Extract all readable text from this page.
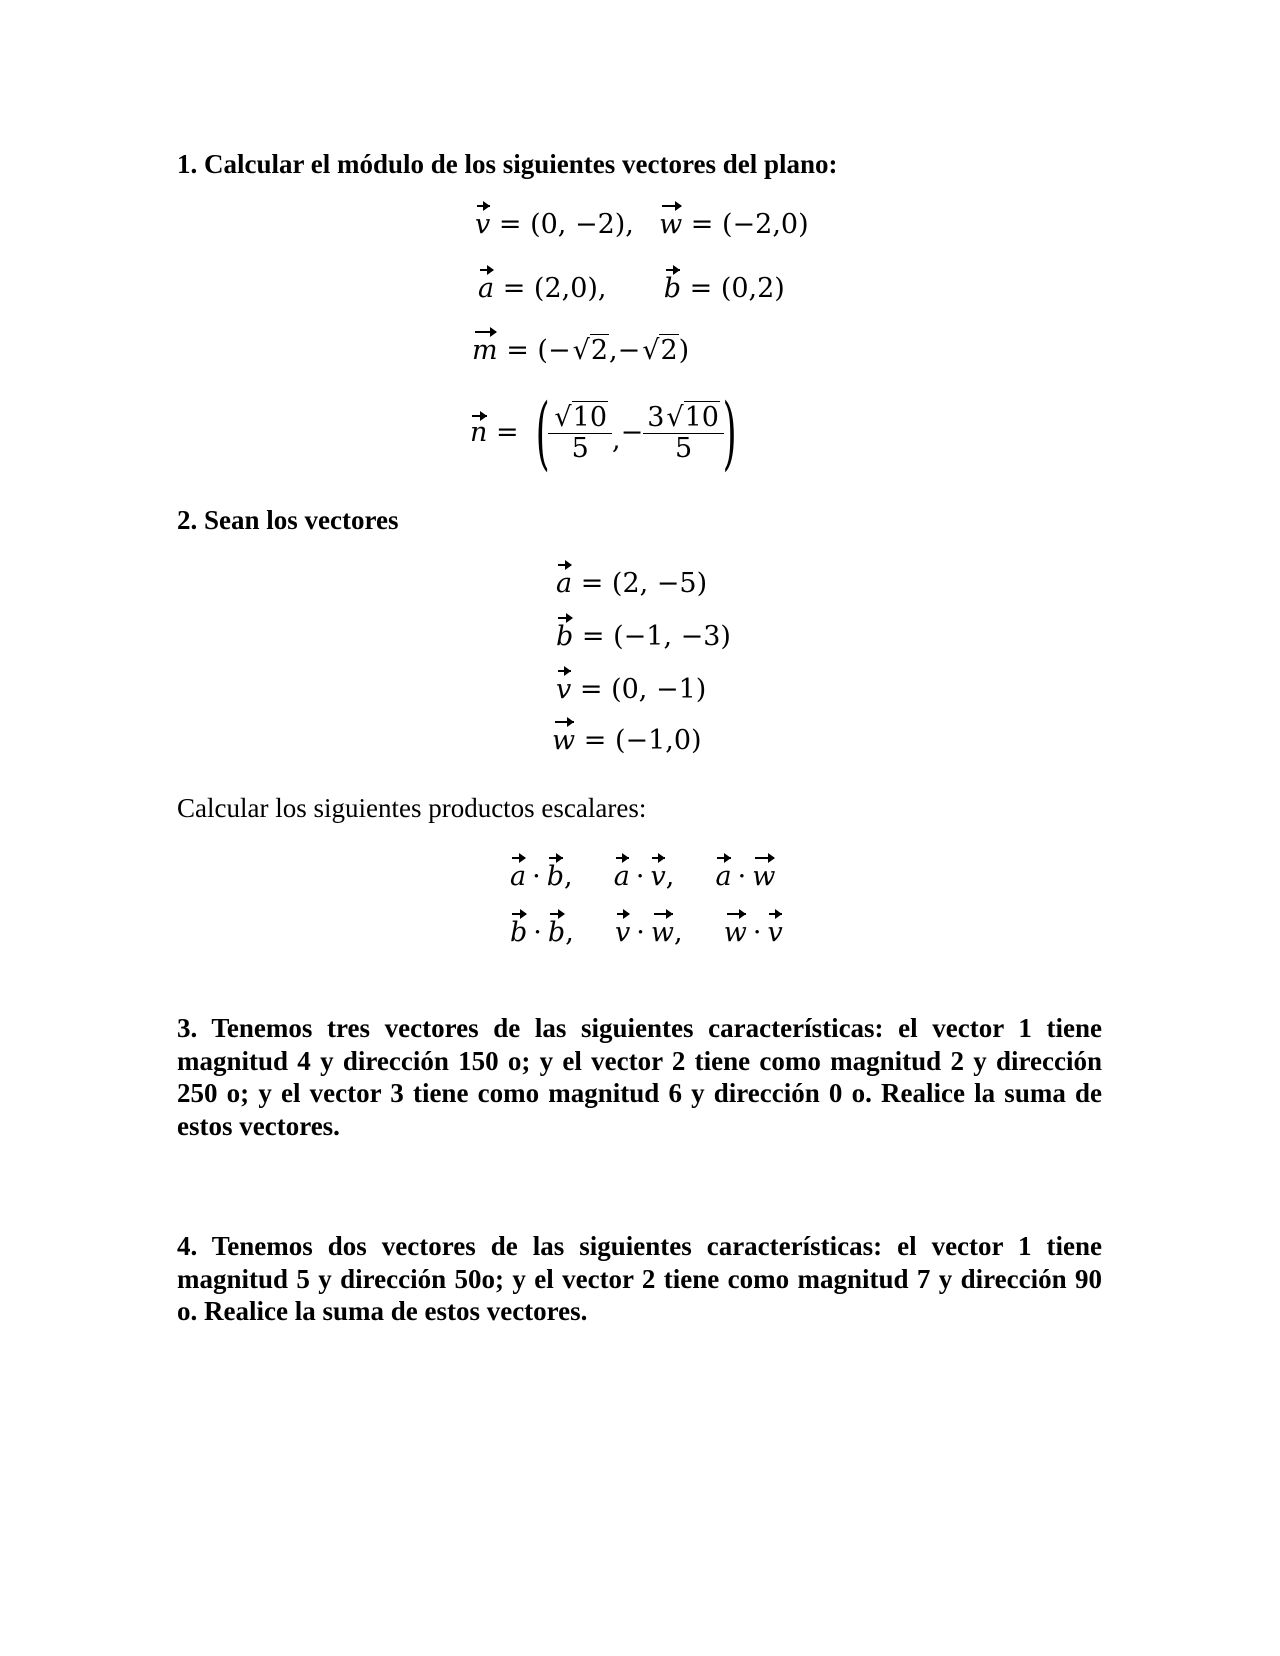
1. Calcular el módulo de los siguientes vectores del plano:

v = (0, −2), w = (−2,0)
a = (2,0), b = (0,2)
m = (−√2,−√2)
n = (
$\frac{√10}{5}$ ,− $\frac{3√10}{5}$
)

2. Sean los vectores

a = (2, −5)
b = (−1, −3)
v = (0, −1)
w = (−1,0)

Calcular los siguientes productos escalares:

a · b, a · v, a · w
b · b, v · w, w · v

3. Tenemos tres vectores de las siguientes características: el vector 1 tiene magnitud 4 y dirección 150 o; y el vector 2 tiene como magnitud 2 y dirección 250 o; y el vector 3 tiene como magnitud 6 y dirección 0 o. Realice la suma de estos vectores.

4. Tenemos dos vectores de las siguientes características: el vector 1 tiene magnitud 5 y dirección 50o; y el vector 2 tiene como magnitud 7 y dirección 90 o. Realice la suma de estos vectores.
